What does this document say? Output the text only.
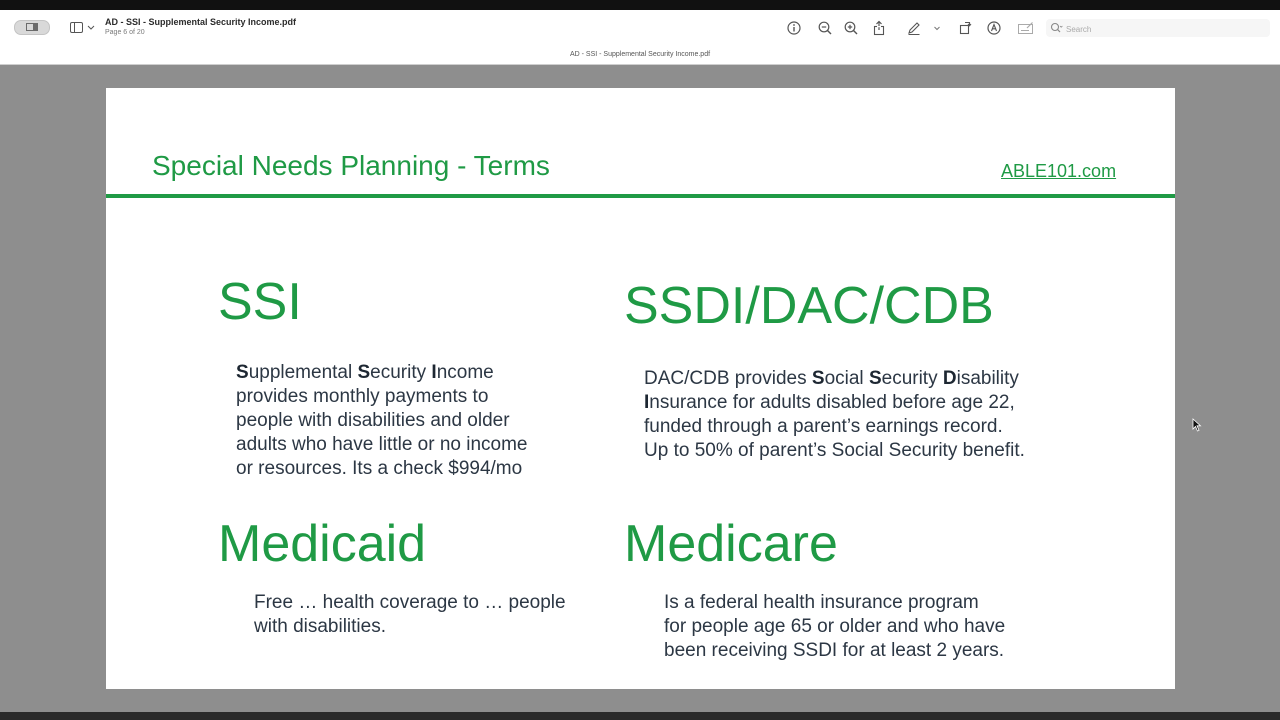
AD - SSI - Supplemental Security Income.pdf
Page 6 of 20
AD - SSI - Supplemental Security Income.pdf
Search
Special Needs Planning - Terms	ABLE101.com
SSI
Supplemental Security Income
provides monthly payments to
people with disabilities and older
adults who have little or no income
or resources. Its a check $994/mo
SSDI/DAC/CDB
DAC/CDB provides Social Security Disability
Insurance for adults disabled before age 22,
funded through a parent’s earnings record.
Up to 50% of parent’s Social Security benefit.
Medicaid
Free … health coverage to … people
with disabilities.
Medicare
Is a federal health insurance program
for people age 65 or older and who have
been receiving SSDI for at least 2 years.
